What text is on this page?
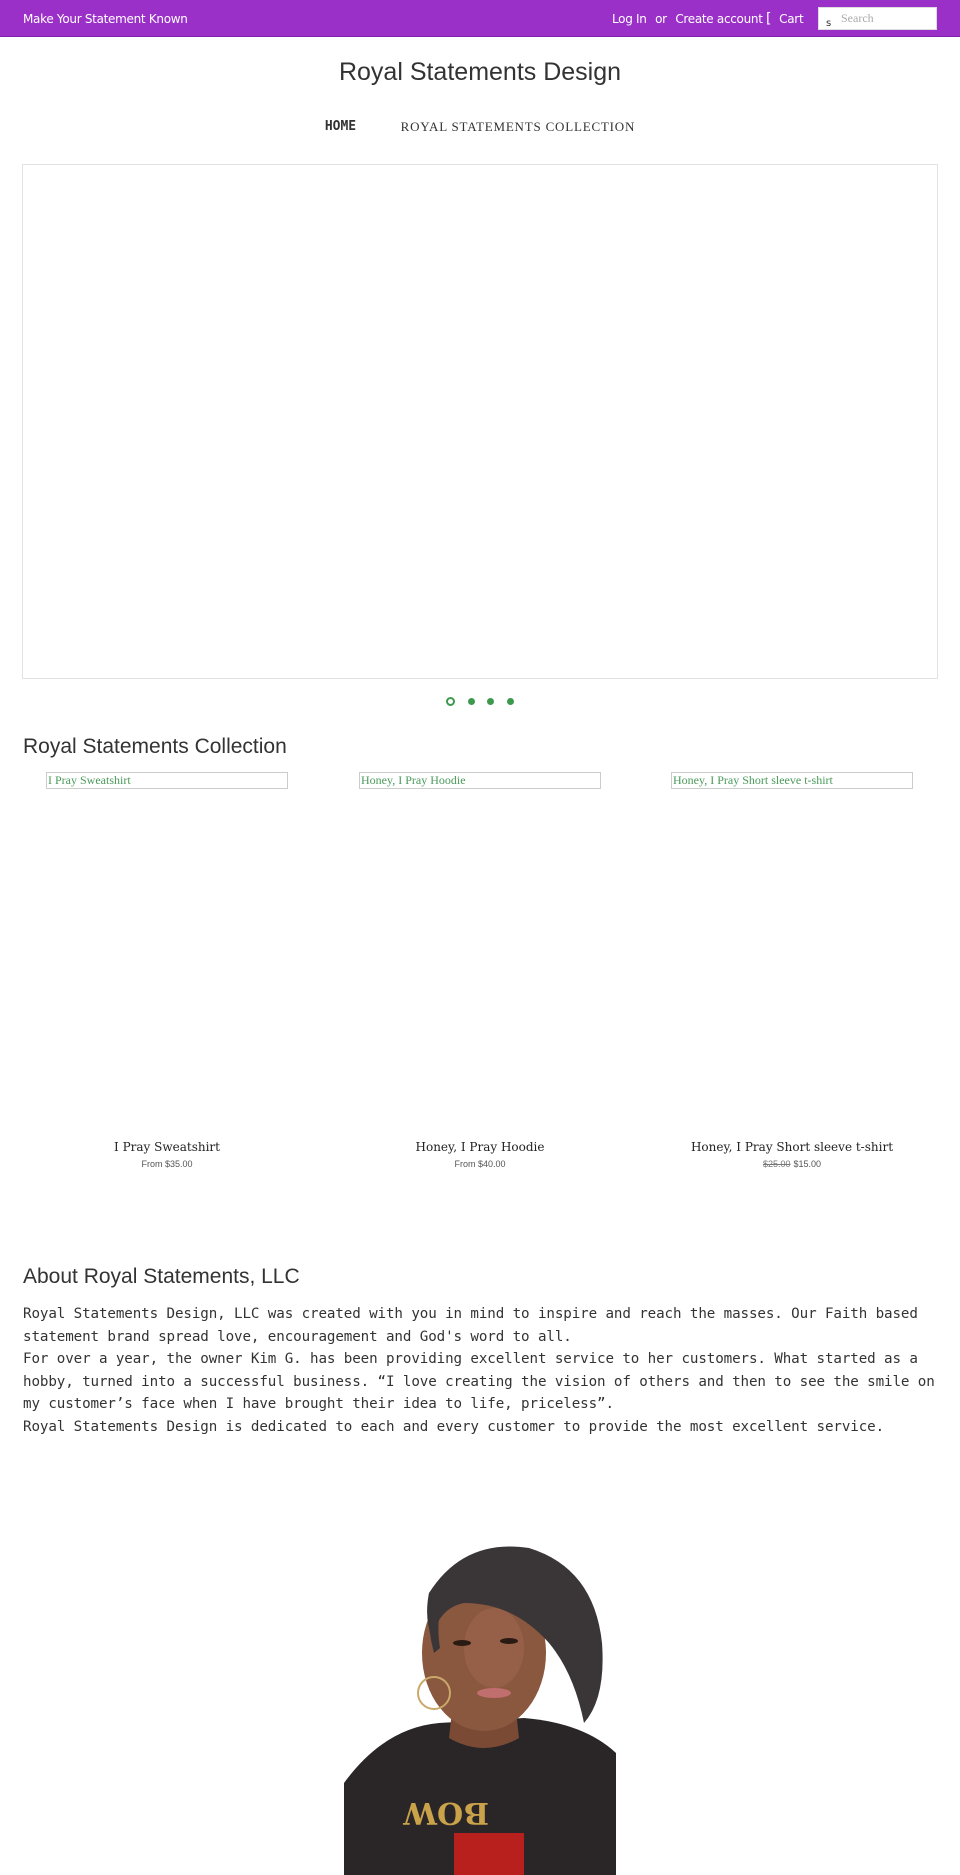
Make Your Statement Known	Log In or Create account [ Cart s
Search
Royal Statements Design
HOME	ROYAL STATEMENTS COLLECTION

Royal Statements Collection
I Pray Sweatshirt
I Pray Sweatshirt
From $35.00
Honey, I Pray Hoodie
Honey, I Pray Hoodie
From $40.00
Honey, I Pray Short sleeve t-shirt
Honey, I Pray Short sleeve t-shirt
$25.00 $15.00
About Royal Statements, LLC

Royal Statements Design, LLC was created with you in mind to inspire and reach the masses. Our Faith based statement brand spread love, encouragement and God's word to all.

For over a year, the owner Kim G. has been providing excellent service to her customers. What started as a hobby, turned into a successful business. “I love creating the vision of others and then to see the smile on my customer’s face when I have brought their idea to life, priceless”.

Royal Statements Design is dedicated to each and every customer to provide the most excellent service.

BOW
